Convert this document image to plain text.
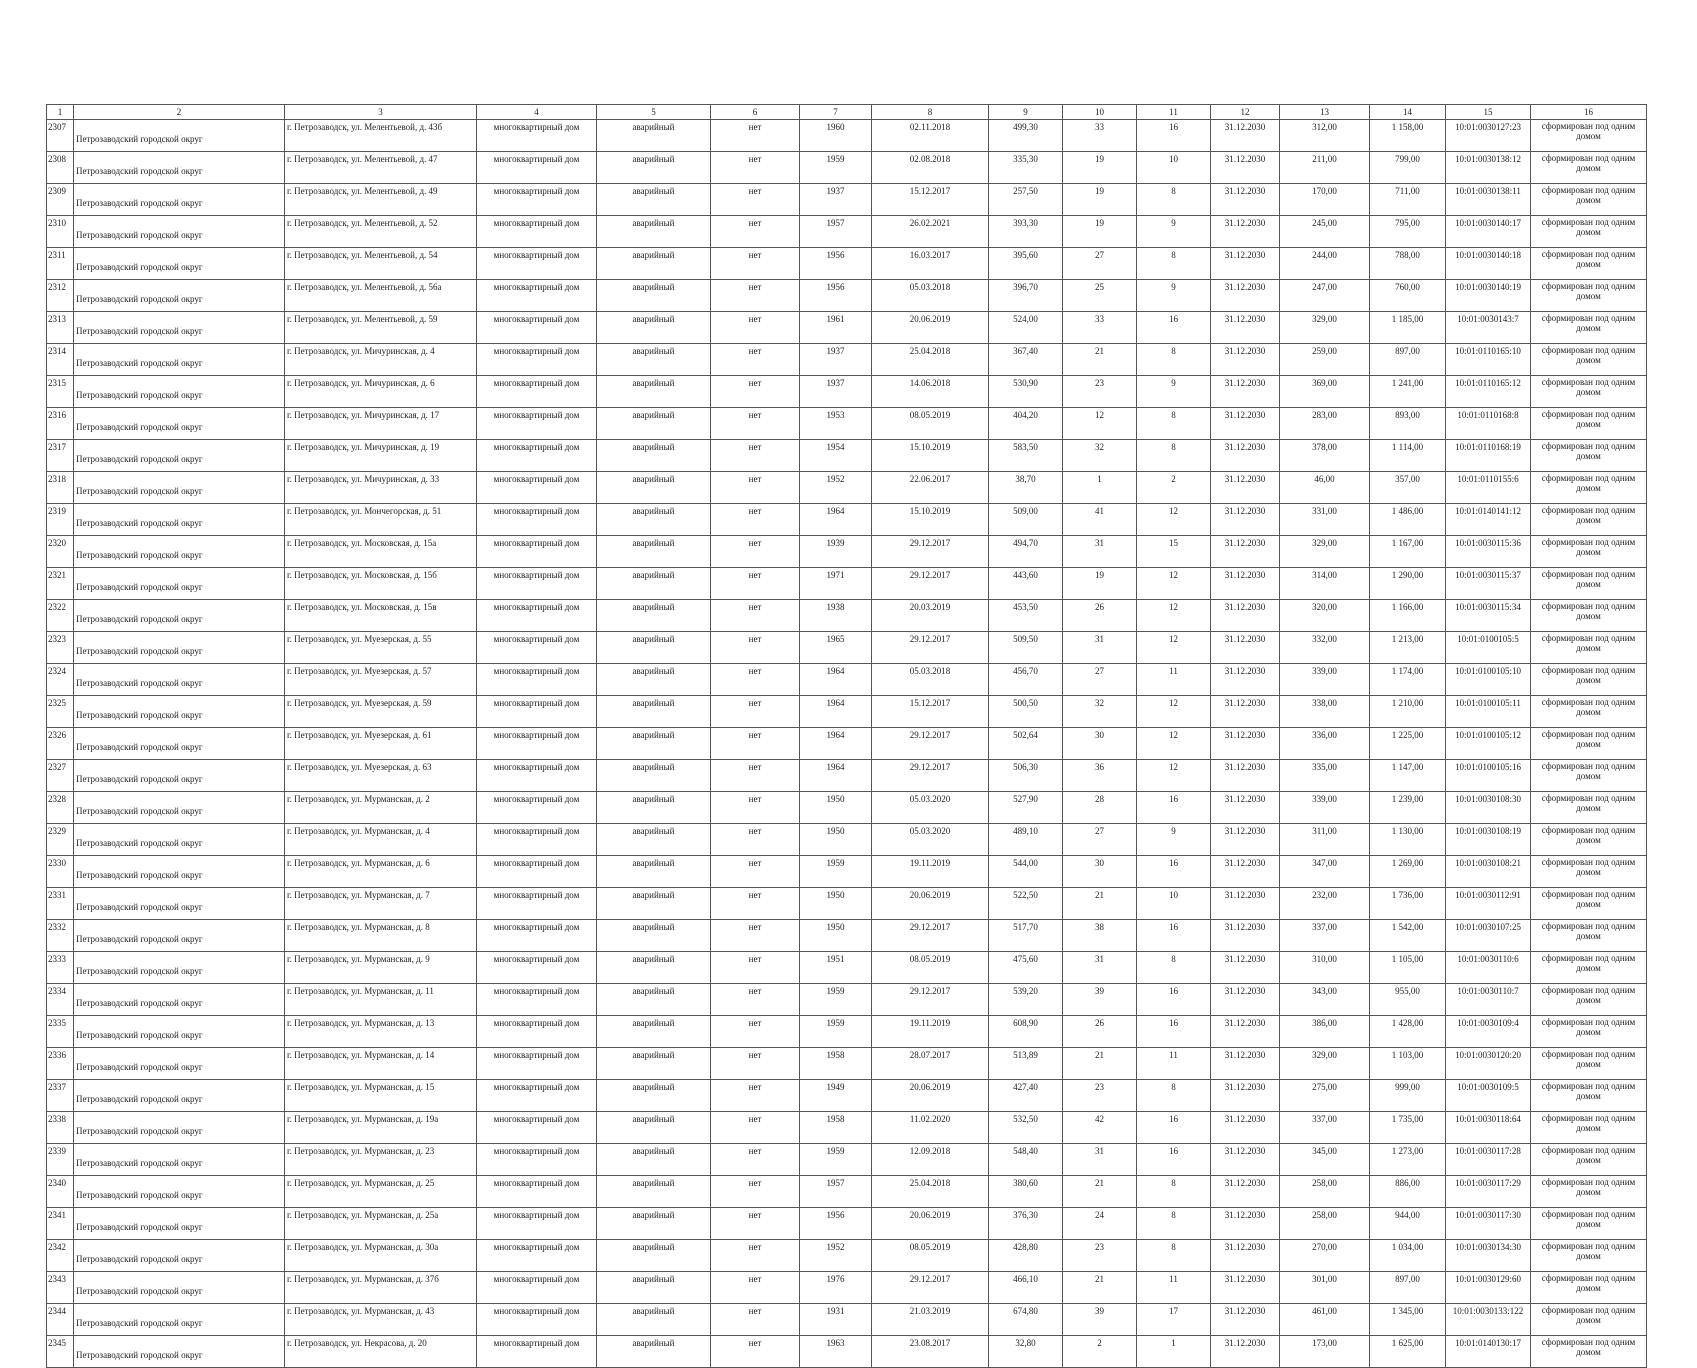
1	2	3	4	5	6	7	8	9	10	11	12	13	14	15	16
2307	Петрозаводский городской округ	г. Петрозаводск, ул. Мелентьевой, д. 43б	многоквартирный дом	аварийный	нет	1960	02.11.2018	499,30	33	16	31.12.2030	312,00	1 158,00	10:01:0030127:23	сформирован под одним домом
2308	Петрозаводский городской округ	г. Петрозаводск, ул. Мелентьевой, д. 47	многоквартирный дом	аварийный	нет	1959	02.08.2018	335,30	19	10	31.12.2030	211,00	799,00	10:01:0030138:12	сформирован под одним домом
2309	Петрозаводский городской округ	г. Петрозаводск, ул. Мелентьевой, д. 49	многоквартирный дом	аварийный	нет	1937	15.12.2017	257,50	19	8	31.12.2030	170,00	711,00	10:01:0030138:11	сформирован под одним домом
2310	Петрозаводский городской округ	г. Петрозаводск, ул. Мелентьевой, д. 52	многоквартирный дом	аварийный	нет	1957	26.02.2021	393,30	19	9	31.12.2030	245,00	795,00	10:01:0030140:17	сформирован под одним домом
2311	Петрозаводский городской округ	г. Петрозаводск, ул. Мелентьевой, д. 54	многоквартирный дом	аварийный	нет	1956	16.03.2017	395,60	27	8	31.12.2030	244,00	788,00	10:01:0030140:18	сформирован под одним домом
2312	Петрозаводский городской округ	г. Петрозаводск, ул. Мелентьевой, д. 56а	многоквартирный дом	аварийный	нет	1956	05.03.2018	396,70	25	9	31.12.2030	247,00	760,00	10:01:0030140:19	сформирован под одним домом
2313	Петрозаводский городской округ	г. Петрозаводск, ул. Мелентьевой, д. 59	многоквартирный дом	аварийный	нет	1961	20.06.2019	524,00	33	16	31.12.2030	329,00	1 185,00	10:01:0030143:7	сформирован под одним домом
2314	Петрозаводский городской округ	г. Петрозаводск, ул. Мичуринская, д. 4	многоквартирный дом	аварийный	нет	1937	25.04.2018	367,40	21	8	31.12.2030	259,00	897,00	10:01:0110165:10	сформирован под одним домом
2315	Петрозаводский городской округ	г. Петрозаводск, ул. Мичуринская, д. 6	многоквартирный дом	аварийный	нет	1937	14.06.2018	530,90	23	9	31.12.2030	369,00	1 241,00	10:01:0110165:12	сформирован под одним домом
2316	Петрозаводский городской округ	г. Петрозаводск, ул. Мичуринская, д. 17	многоквартирный дом	аварийный	нет	1953	08.05.2019	404,20	12	8	31.12.2030	283,00	893,00	10:01:0110168:8	сформирован под одним домом
2317	Петрозаводский городской округ	г. Петрозаводск, ул. Мичуринская, д. 19	многоквартирный дом	аварийный	нет	1954	15.10.2019	583,50	32	8	31.12.2030	378,00	1 114,00	10:01:0110168:19	сформирован под одним домом
2318	Петрозаводский городской округ	г. Петрозаводск, ул. Мичуринская, д. 33	многоквартирный дом	аварийный	нет	1952	22.06.2017	38,70	1	2	31.12.2030	46,00	357,00	10:01:0110155:6	сформирован под одним домом
2319	Петрозаводский городской округ	г. Петрозаводск, ул. Мончегорская, д. 51	многоквартирный дом	аварийный	нет	1964	15.10.2019	509,00	41	12	31.12.2030	331,00	1 486,00	10:01:0140141:12	сформирован под одним домом
2320	Петрозаводский городской округ	г. Петрозаводск, ул. Московская, д. 15а	многоквартирный дом	аварийный	нет	1939	29.12.2017	494,70	31	15	31.12.2030	329,00	1 167,00	10:01:0030115:36	сформирован под одним домом
2321	Петрозаводский городской округ	г. Петрозаводск, ул. Московская, д. 15б	многоквартирный дом	аварийный	нет	1971	29.12.2017	443,60	19	12	31.12.2030	314,00	1 290,00	10:01:0030115:37	сформирован под одним домом
2322	Петрозаводский городской округ	г. Петрозаводск, ул. Московская, д. 15в	многоквартирный дом	аварийный	нет	1938	20.03.2019	453,50	26	12	31.12.2030	320,00	1 166,00	10:01:0030115:34	сформирован под одним домом
2323	Петрозаводский городской округ	г. Петрозаводск, ул. Муезерская, д. 55	многоквартирный дом	аварийный	нет	1965	29.12.2017	509,50	31	12	31.12.2030	332,00	1 213,00	10:01:0100105:5	сформирован под одним домом
2324	Петрозаводский городской округ	г. Петрозаводск, ул. Муезерская, д. 57	многоквартирный дом	аварийный	нет	1964	05.03.2018	456,70	27	11	31.12.2030	339,00	1 174,00	10:01:0100105:10	сформирован под одним домом
2325	Петрозаводский городской округ	г. Петрозаводск, ул. Муезерская, д. 59	многоквартирный дом	аварийный	нет	1964	15.12.2017	500,50	32	12	31.12.2030	338,00	1 210,00	10:01:0100105:11	сформирован под одним домом
2326	Петрозаводский городской округ	г. Петрозаводск, ул. Муезерская, д. 61	многоквартирный дом	аварийный	нет	1964	29.12.2017	502,64	30	12	31.12.2030	336,00	1 225,00	10:01:0100105:12	сформирован под одним домом
2327	Петрозаводский городской округ	г. Петрозаводск, ул. Муезерская, д. 63	многоквартирный дом	аварийный	нет	1964	29.12.2017	506,30	36	12	31.12.2030	335,00	1 147,00	10:01:0100105:16	сформирован под одним домом
2328	Петрозаводский городской округ	г. Петрозаводск, ул. Мурманская, д. 2	многоквартирный дом	аварийный	нет	1950	05.03.2020	527,90	28	16	31.12.2030	339,00	1 239,00	10:01:0030108:30	сформирован под одним домом
2329	Петрозаводский городской округ	г. Петрозаводск, ул. Мурманская, д. 4	многоквартирный дом	аварийный	нет	1950	05.03.2020	489,10	27	9	31.12.2030	311,00	1 130,00	10:01:0030108:19	сформирован под одним домом
2330	Петрозаводский городской округ	г. Петрозаводск, ул. Мурманская, д. 6	многоквартирный дом	аварийный	нет	1959	19.11.2019	544,00	30	16	31.12.2030	347,00	1 269,00	10:01:0030108:21	сформирован под одним домом
2331	Петрозаводский городской округ	г. Петрозаводск, ул. Мурманская, д. 7	многоквартирный дом	аварийный	нет	1950	20.06.2019	522,50	21	10	31.12.2030	232,00	1 736,00	10:01:0030112:91	сформирован под одним домом
2332	Петрозаводский городской округ	г. Петрозаводск, ул. Мурманская, д. 8	многоквартирный дом	аварийный	нет	1950	29.12.2017	517,70	38	16	31.12.2030	337,00	1 542,00	10:01:0030107:25	сформирован под одним домом
2333	Петрозаводский городской округ	г. Петрозаводск, ул. Мурманская, д. 9	многоквартирный дом	аварийный	нет	1951	08.05.2019	475,60	31	8	31.12.2030	310,00	1 105,00	10:01:0030110:6	сформирован под одним домом
2334	Петрозаводский городской округ	г. Петрозаводск, ул. Мурманская, д. 11	многоквартирный дом	аварийный	нет	1959	29.12.2017	539,20	39	16	31.12.2030	343,00	955,00	10:01:0030110:7	сформирован под одним домом
2335	Петрозаводский городской округ	г. Петрозаводск, ул. Мурманская, д. 13	многоквартирный дом	аварийный	нет	1959	19.11.2019	608,90	26	16	31.12.2030	386,00	1 428,00	10:01:0030109:4	сформирован под одним домом
2336	Петрозаводский городской округ	г. Петрозаводск, ул. Мурманская, д. 14	многоквартирный дом	аварийный	нет	1958	28.07.2017	513,89	21	11	31.12.2030	329,00	1 103,00	10:01:0030120:20	сформирован под одним домом
2337	Петрозаводский городской округ	г. Петрозаводск, ул. Мурманская, д. 15	многоквартирный дом	аварийный	нет	1949	20.06.2019	427,40	23	8	31.12.2030	275,00	999,00	10:01:0030109:5	сформирован под одним домом
2338	Петрозаводский городской округ	г. Петрозаводск, ул. Мурманская, д. 19а	многоквартирный дом	аварийный	нет	1958	11.02.2020	532,50	42	16	31.12.2030	337,00	1 735,00	10:01:0030118:64	сформирован под одним домом
2339	Петрозаводский городской округ	г. Петрозаводск, ул. Мурманская, д. 23	многоквартирный дом	аварийный	нет	1959	12.09.2018	548,40	31	16	31.12.2030	345,00	1 273,00	10:01:0030117:28	сформирован под одним домом
2340	Петрозаводский городской округ	г. Петрозаводск, ул. Мурманская, д. 25	многоквартирный дом	аварийный	нет	1957	25.04.2018	380,60	21	8	31.12.2030	258,00	886,00	10:01:0030117:29	сформирован под одним домом
2341	Петрозаводский городской округ	г. Петрозаводск, ул. Мурманская, д. 25а	многоквартирный дом	аварийный	нет	1956	20.06.2019	376,30	24	8	31.12.2030	258,00	944,00	10:01:0030117:30	сформирован под одним домом
2342	Петрозаводский городской округ	г. Петрозаводск, ул. Мурманская, д. 30а	многоквартирный дом	аварийный	нет	1952	08.05.2019	428,80	23	8	31.12.2030	270,00	1 034,00	10:01:0030134:30	сформирован под одним домом
2343	Петрозаводский городской округ	г. Петрозаводск, ул. Мурманская, д. 37б	многоквартирный дом	аварийный	нет	1976	29.12.2017	466,10	21	11	31.12.2030	301,00	897,00	10:01:0030129:60	сформирован под одним домом
2344	Петрозаводский городской округ	г. Петрозаводск, ул. Мурманская, д. 43	многоквартирный дом	аварийный	нет	1931	21.03.2019	674,80	39	17	31.12.2030	461,00	1 345,00	10:01:0030133:122	сформирован под одним домом
2345	Петрозаводский городской округ	г. Петрозаводск, ул. Некрасова, д. 20	многоквартирный дом	аварийный	нет	1963	23.08.2017	32,80	2	1	31.12.2030	173,00	1 625,00	10:01:0140130:17	сформирован под одним домом
